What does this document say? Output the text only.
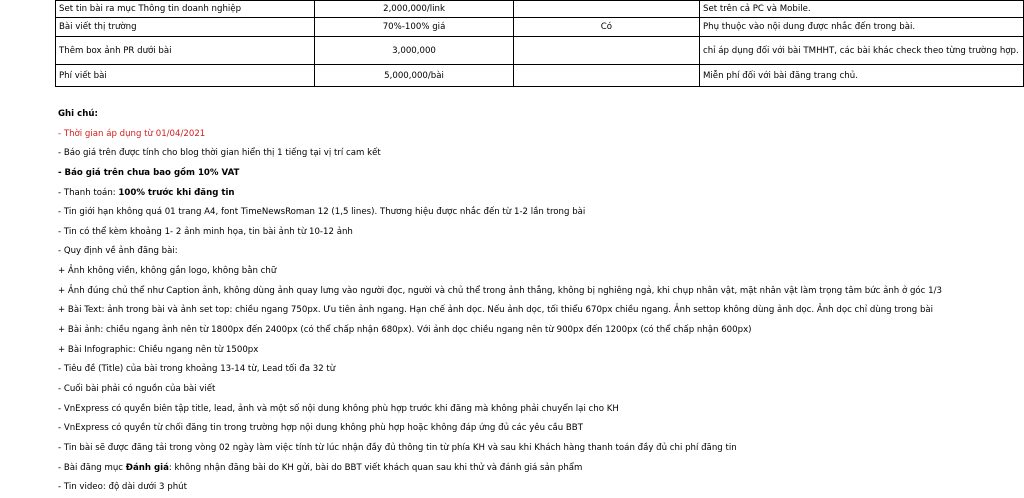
Set tin bài ra mục Thông tin doanh nghiệp	2,000,000/link		Set trên cả PC và Mobile.
Bài viết thị trường	70%-100% giá	Có	Phụ thuộc vào nội dung được nhắc đến trong bài.
Thêm box ảnh PR dưới bài	3,000,000		chỉ áp dụng đối với bài TMHHT, các bài khác check theo từng trường hợp.
Phí viết bài	5,000,000/bài		Miễn phí đối với bài đăng trang chủ.
Ghi chú:
- Thời gian áp dụng từ 01/04/2021
- Báo giá trên được tính cho blog thời gian hiển thị 1 tiếng tại vị trí cam kết
- Báo giá trên chưa bao gồm 10% VAT
- Thanh toán: 100% trước khi đăng tin
- Tin giới hạn không quá 01 trang A4, font TimeNewsRoman 12 (1,5 lines). Thương hiệu được nhắc đến từ 1-2 lần trong bài
- Tin có thể kèm khoảng 1- 2 ảnh minh họa, tin bài ảnh từ 10-12 ảnh
- Quy định về ảnh đăng bài:
+ Ảnh không viền, không gắn logo, không bằn chữ
+ Ảnh đúng chủ thể như Caption ảnh, không dùng ảnh quay lưng vào người đọc, người và chủ thể trong ảnh thẳng, không bị nghiêng ngả, khi chụp nhân vật, mặt nhân vật làm trọng tâm bức ảnh ở góc 1/3
+ Bài Text: ảnh trong bài và ảnh set top: chiều ngang 750px. Ưu tiên ảnh ngang. Hạn chế ảnh dọc. Nếu ảnh dọc, tối thiểu 670px chiều ngang. Ảnh settop không dùng ảnh dọc. Ảnh dọc chỉ dùng trong bài
+ Bài ảnh: chiều ngang ảnh nên từ 1800px đến 2400px (có thể chấp nhận 680px). Với ảnh dọc chiều ngang nên từ 900px đến 1200px (có thể chấp nhận 600px)
+ Bài Infographic: Chiều ngang nên từ 1500px
- Tiêu đề (Title) của bài trong khoảng 13-14 từ, Lead tối đa 32 từ
- Cuối bài phải có nguồn của bài viết
- VnExpress có quyền biên tập title, lead, ảnh và một số nội dung không phù hợp trước khi đăng mà không phải chuyển lại cho KH
- VnExpress có quyền từ chối đăng tin trong trường hợp nội dung không phù hợp hoặc không đáp ứng đủ các yêu cầu BBT
- Tin bài sẽ được đăng tải trong vòng 02 ngày làm việc tính từ lúc nhận đầy đủ thông tin từ phía KH và sau khi Khách hàng thanh toán đầy đủ chi phí đăng tin
- Bài đăng mục Đánh giá: không nhận đăng bài do KH gửi, bài do BBT viết khách quan sau khi thử và đánh giá sản phẩm
- Tin video: độ dài dưới 3 phút
